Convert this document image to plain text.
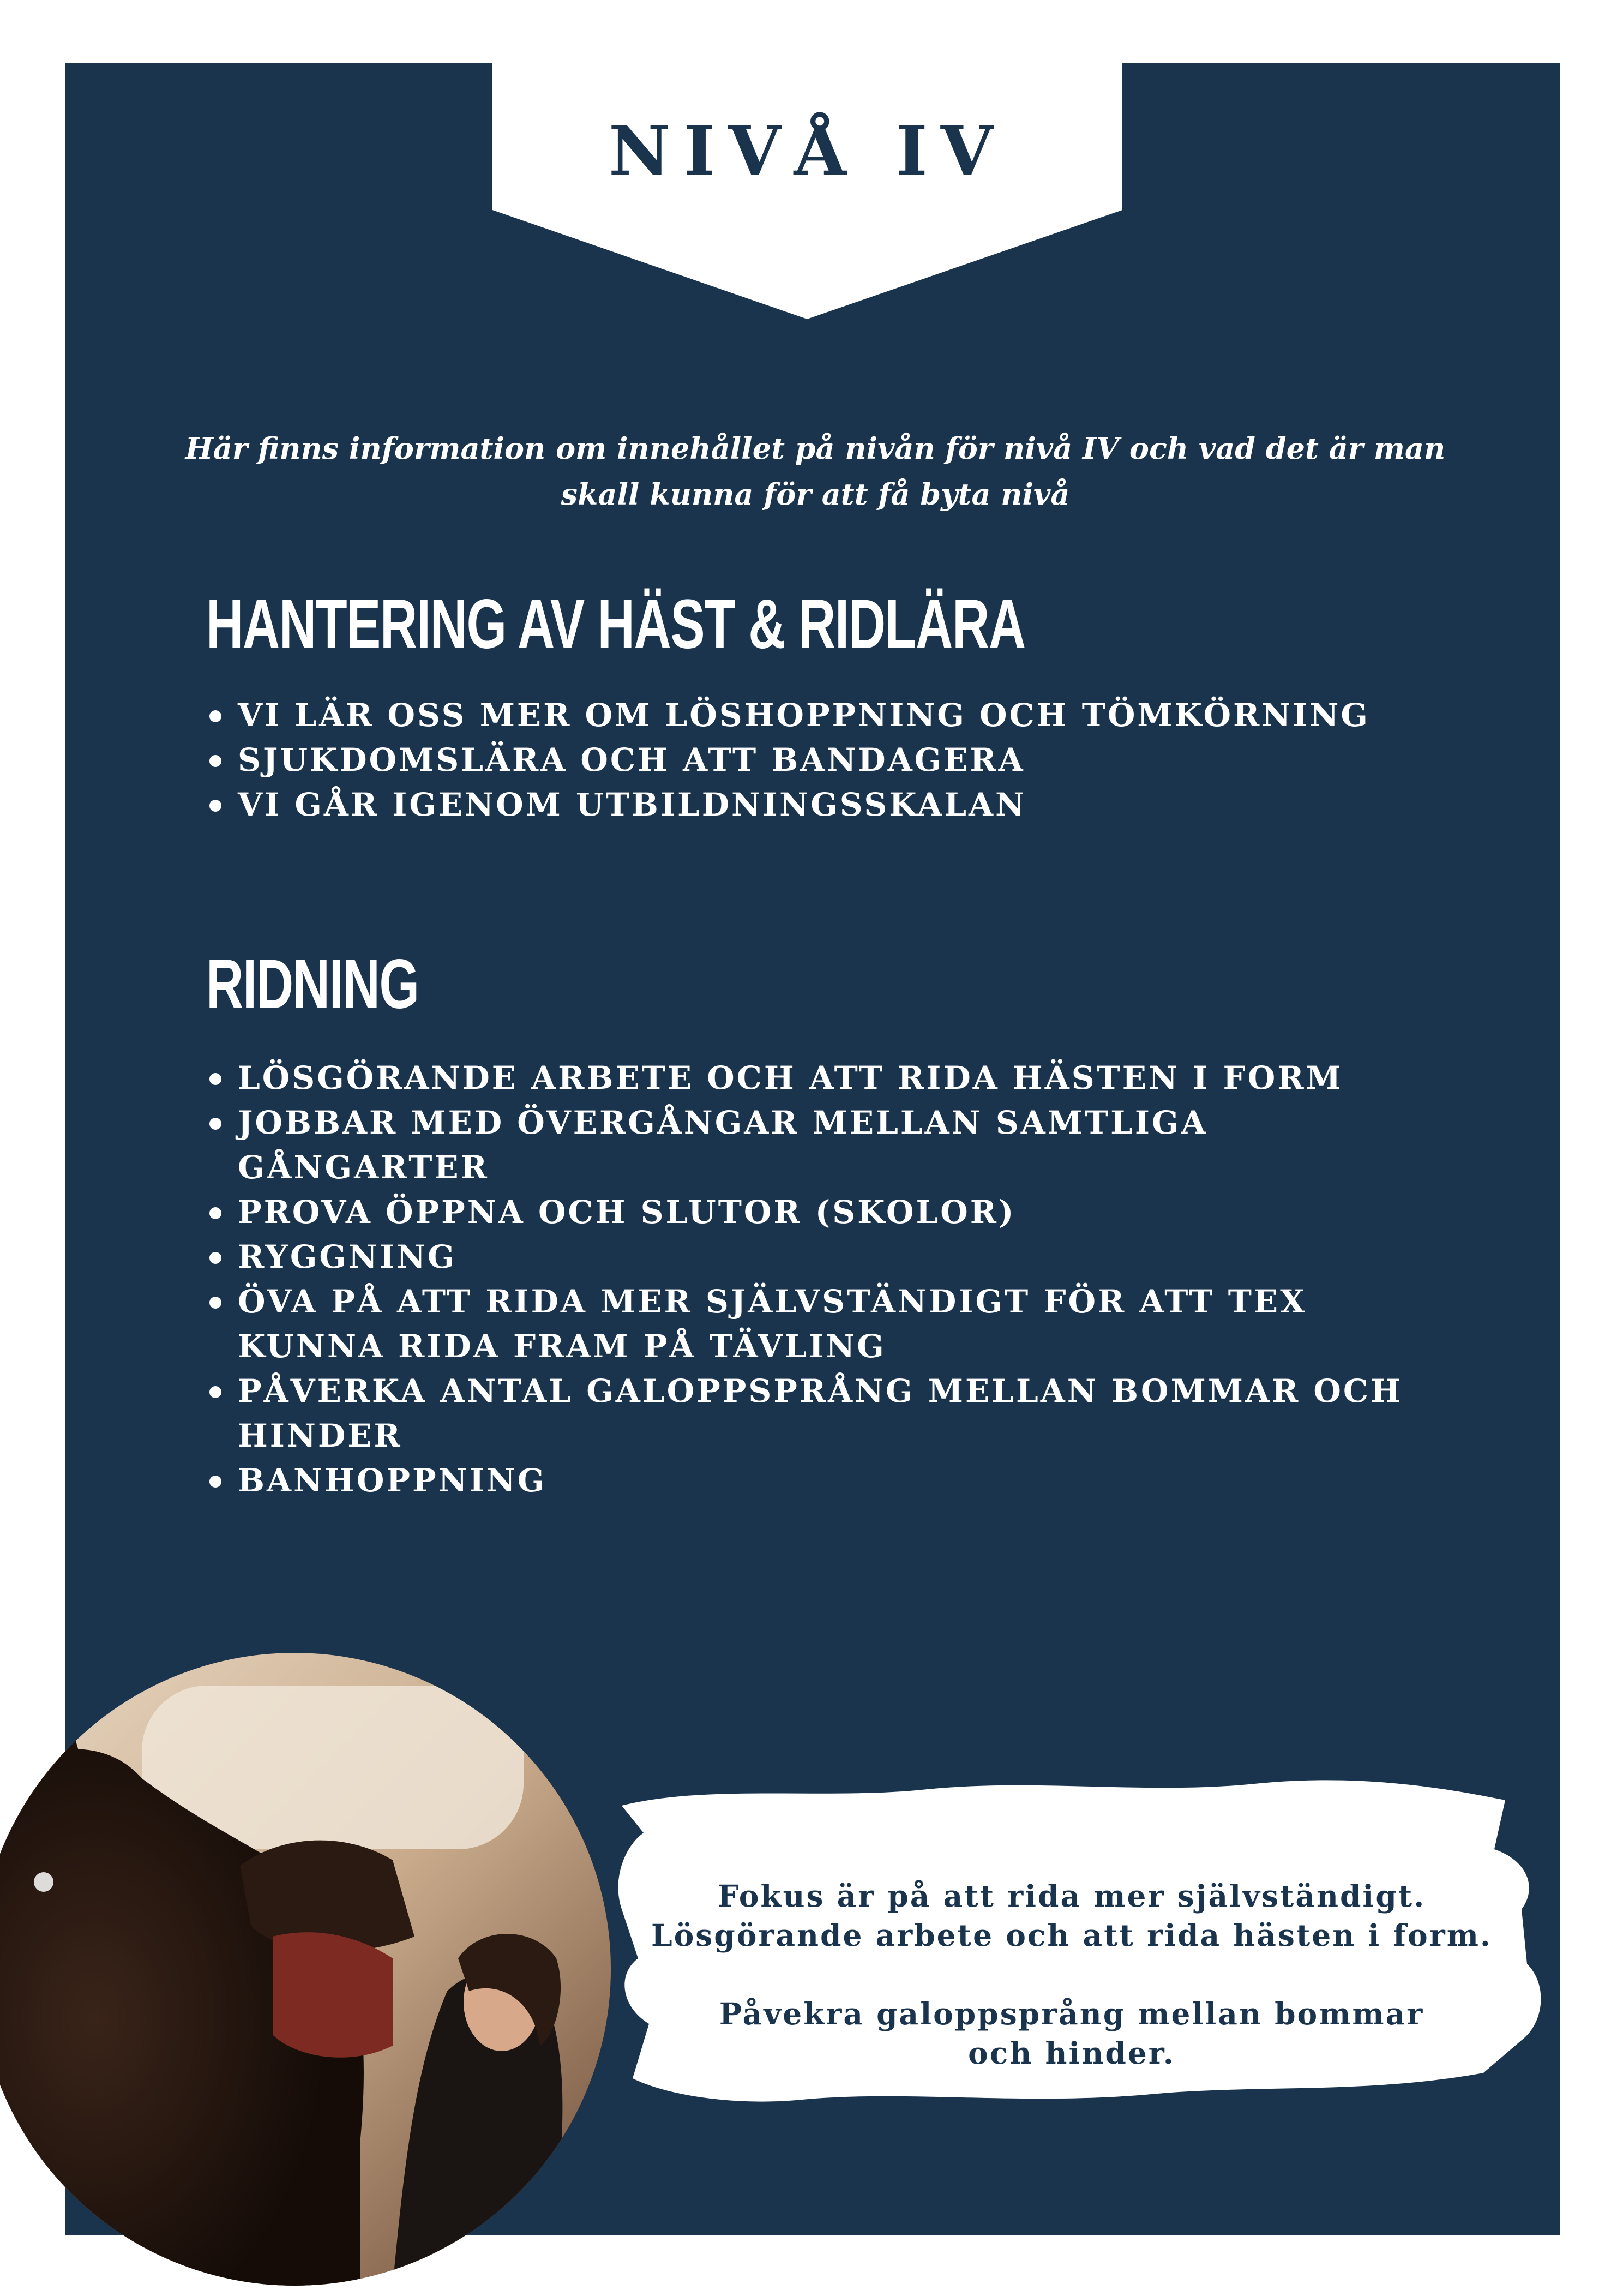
NIVÅ IV

Här finns information om innehållet på nivån för nivå IV och vad det är man
skall kunna för att få byta nivå

HANTERING AV HÄST & RIDLÄRA
VI LÄR OSS MER OM LÖSHOPPNING OCH TÖMKÖRNING
SJUKDOMSLÄRA OCH ATT BANDAGERA
VI GÅR IGENOM UTBILDNINGSSKALAN
RIDNING
LÖSGÖRANDE ARBETE OCH ATT RIDA HÄSTEN I FORM
JOBBAR MED ÖVERGÅNGAR MELLAN SAMTLIGA GÅNGARTER
PROVA ÖPPNA OCH SLUTOR (SKOLOR)
RYGGNING
ÖVA PÅ ATT RIDA MER SJÄLVSTÄNDIGT FÖR ATT TEX KUNNA RIDA FRAM PÅ TÄVLING
PÅVERKA ANTAL GALOPPSPRÅNG MELLAN BOMMAR OCH HINDER
BANHOPPNING

Fokus är på att rida mer självständigt.

Lösgörande arbete och att rida hästen i form.

Påvekra galoppsprång mellan bommar

och hinder.
